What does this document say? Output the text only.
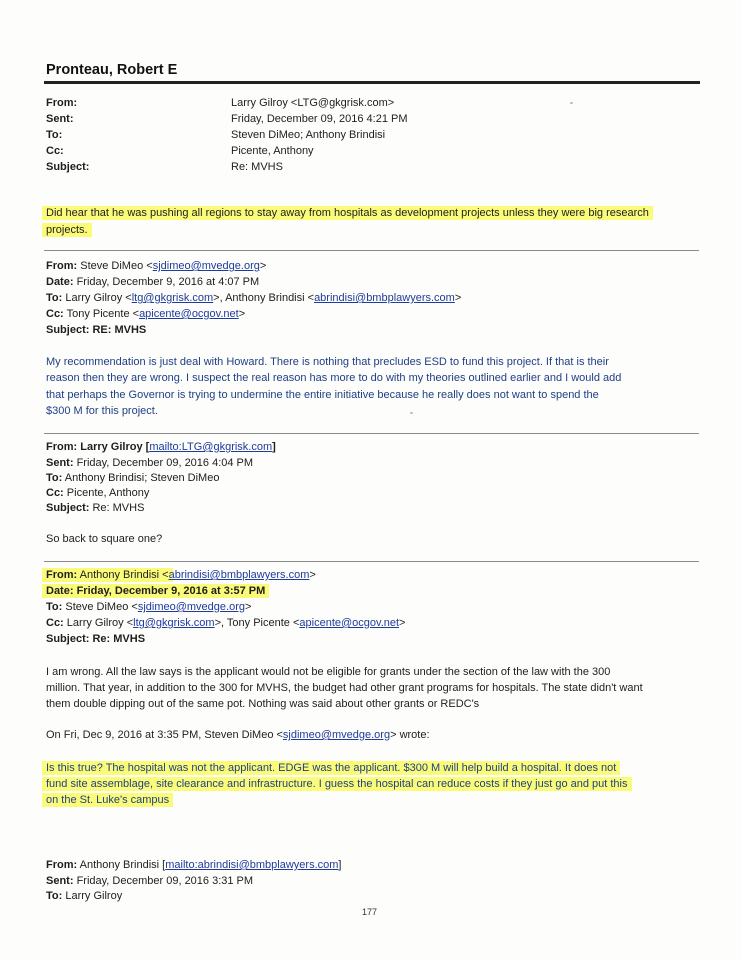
Pronteau, Robert E
From:	Larry Gilroy <LTG@gkgrisk.com>
Sent:	Friday, December 09, 2016 4:21 PM
To:	Steven DiMeo; Anthony Brindisi
Cc:	Picente, Anthony
Subject:	Re: MVHS
Did hear that he was pushing all regions to stay away from hospitals as development projects unless they were big research
projects.
From: Steve DiMeo <sjdimeo@mvedge.org>
Date: Friday, December 9, 2016 at 4:07 PM
To: Larry Gilroy <ltg@gkgrisk.com>, Anthony Brindisi <abrindisi@bmbplawyers.com>
Cc: Tony Picente <apicente@ocgov.net>
Subject: RE: MVHS
My recommendation is just deal with Howard. There is nothing that precludes ESD to fund this project. If that is their
reason then they are wrong. I suspect the real reason has more to do with my theories outlined earlier and I would add
that perhaps the Governor is trying to undermine the entire initiative because he really does not want to spend the
$300 M for this project.
From: Larry Gilroy [mailto:LTG@gkgrisk.com]
Sent: Friday, December 09, 2016 4:04 PM
To: Anthony Brindisi; Steven DiMeo
Cc: Picente, Anthony
Subject: Re: MVHS
So back to square one?
From: Anthony Brindisi <abrindisi@bmbplawyers.com>
Date: Friday, December 9, 2016 at 3:57 PM
To: Steve DiMeo <sjdimeo@mvedge.org>
Cc: Larry Gilroy <ltg@gkgrisk.com>, Tony Picente <apicente@ocgov.net>
Subject: Re: MVHS
I am wrong. All the law says is the applicant would not be eligible for grants under the section of the law with the 300
million. That year, in addition to the 300 for MVHS, the budget had other grant programs for hospitals. The state didn't want
them double dipping out of the same pot. Nothing was said about other grants or REDC's
On Fri, Dec 9, 2016 at 3:35 PM, Steven DiMeo <sjdimeo@mvedge.org> wrote:
Is this true? The hospital was not the applicant. EDGE was the applicant. $300 M will help build a hospital. It does not
fund site assemblage, site clearance and infrastructure. I guess the hospital can reduce costs if they just go and put this
on the St. Luke's campus
From: Anthony Brindisi [mailto:abrindisi@bmbplawyers.com]
Sent: Friday, December 09, 2016 3:31 PM
To: Larry Gilroy
177
